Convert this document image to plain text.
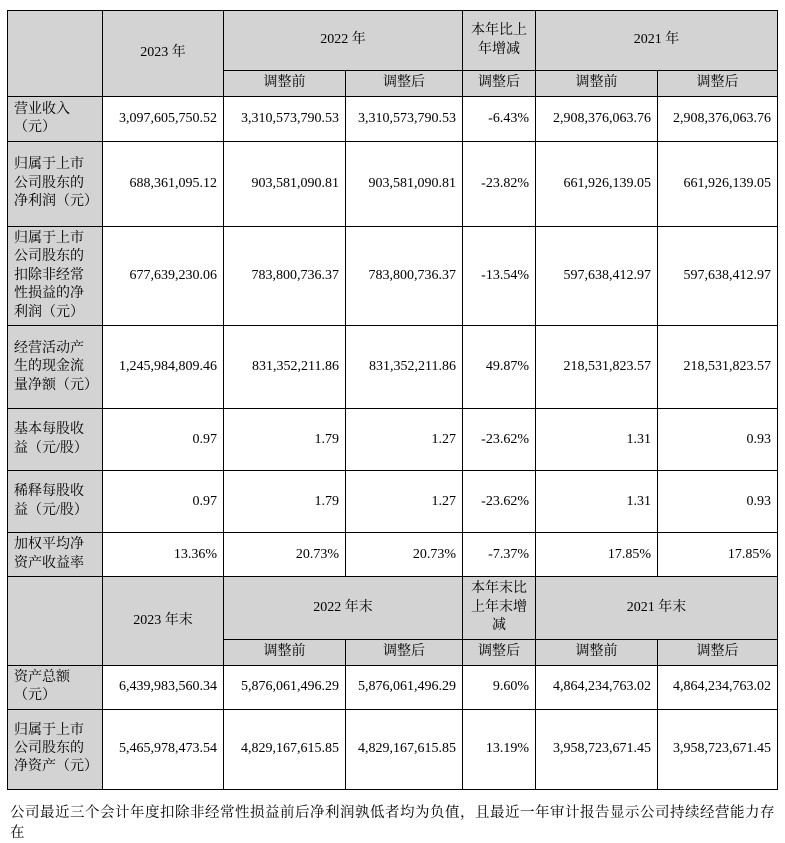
	2023 年	2022 年		本年比上年增减	2021 年	
		调整前	调整后	调整后	调整前	调整后
营业收入（元）	3,097,605,750.52	3,310,573,790.53	3,310,573,790.53	-6.43%	2,908,376,063.76	2,908,376,063.76
归属于上市公司股东的净利润（元）	688,361,095.12	903,581,090.81	903,581,090.81	-23.82%	661,926,139.05	661,926,139.05
归属于上市公司股东的扣除非经常性损益的净利润（元）	677,639,230.06	783,800,736.37	783,800,736.37	-13.54%	597,638,412.97	597,638,412.97
经营活动产生的现金流量净额（元）	1,245,984,809.46	831,352,211.86	831,352,211.86	49.87%	218,531,823.57	218,531,823.57
基本每股收益（元/股）	0.97	1.79	1.27	-23.62%	1.31	0.93
稀释每股收益（元/股）	0.97	1.79	1.27	-23.62%	1.31	0.93
加权平均净资产收益率	13.36%	20.73%	20.73%	-7.37%	17.85%	17.85%
	2023 年末	2022 年末		本年末比上年末增减	2021 年末	
		调整前	调整后	调整后	调整前	调整后
资产总额（元）	6,439,983,560.34	5,876,061,496.29	5,876,061,496.29	9.60%	4,864,234,763.02	4,864,234,763.02
归属于上市公司股东的净资产（元）	5,465,978,473.54	4,829,167,615.85	4,829,167,615.85	13.19%	3,958,723,671.45	3,958,723,671.45

公司最近三个会计年度扣除非经常性损益前后净利润孰低者均为负值，且最近一年审计报告显示公司持续经营能力存在
